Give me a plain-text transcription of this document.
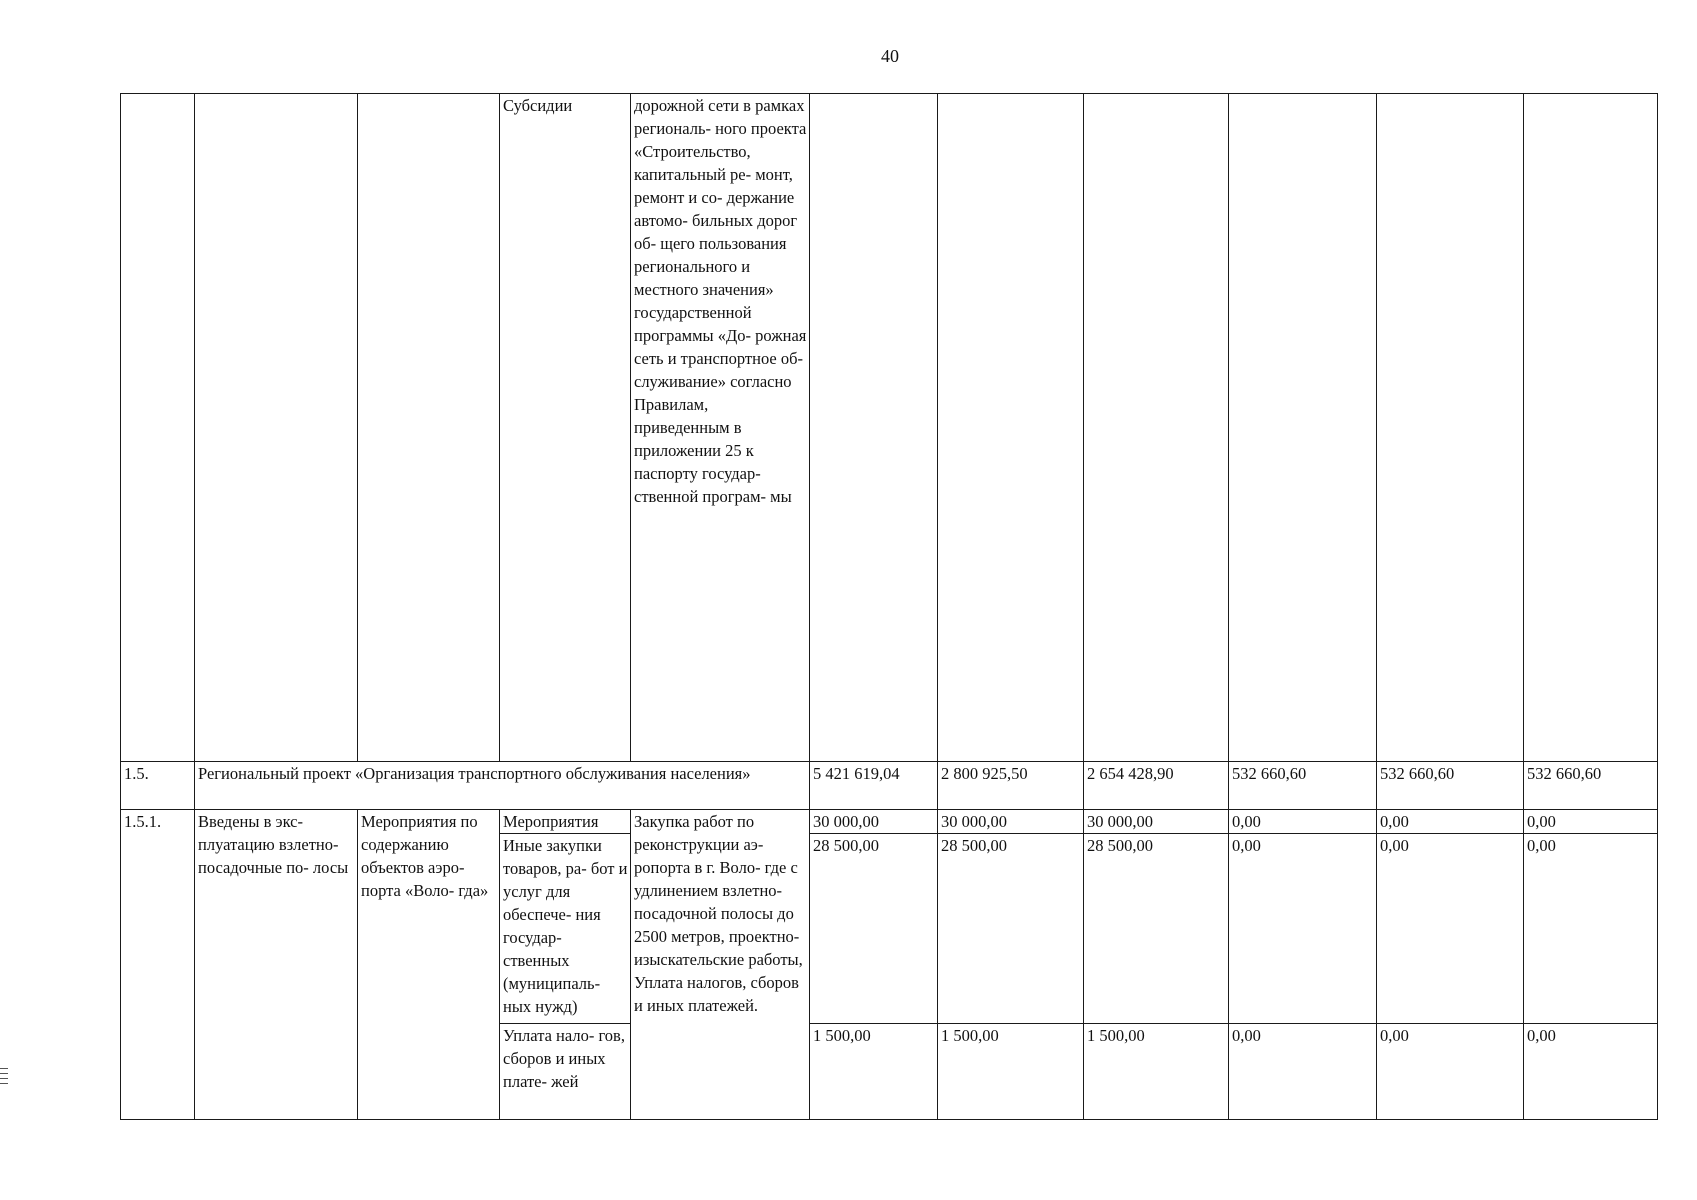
40
			Субсидии	дорожной сети в рамках региональ- ного проекта «Строительство, капитальный ре- монт, ремонт и со- держание автомо- бильных дорог об- щего пользования регионального и местного значения» государственной программы «До- рожная сеть и транспортное об- служивание» согласно Правилам, приведенным в приложении 25 к паспорту государ- ственной програм- мы						
1.5.	Региональный проект «Организация транспортного обслуживания населения»				5 421 619,04	2 800 925,50	2 654 428,90	532 660,60	532 660,60	532 660,60
1.5.1.	Введены в экс- плуатацию взлетно- посадочные по- лосы	Мероприятия по содержанию объектов аэро- порта «Воло- гда»	Мероприятия	Закупка работ по реконструкции аэ- ропорта в г. Воло- где с удлинением взлетно- посадочной полосы до 2500 метров, проектно- изыскательские работы, Уплата налогов, сборов и иных платежей.	30 000,00	30 000,00	30 000,00	0,00	0,00	0,00
			Иные закупки товаров, ра- бот и услуг для обеспече- ния государ- ственных (муниципаль- ных нужд)		28 500,00	28 500,00	28 500,00	0,00	0,00	0,00
			Уплата нало- гов, сборов и иных плате- жей		1 500,00	1 500,00	1 500,00	0,00	0,00	0,00
